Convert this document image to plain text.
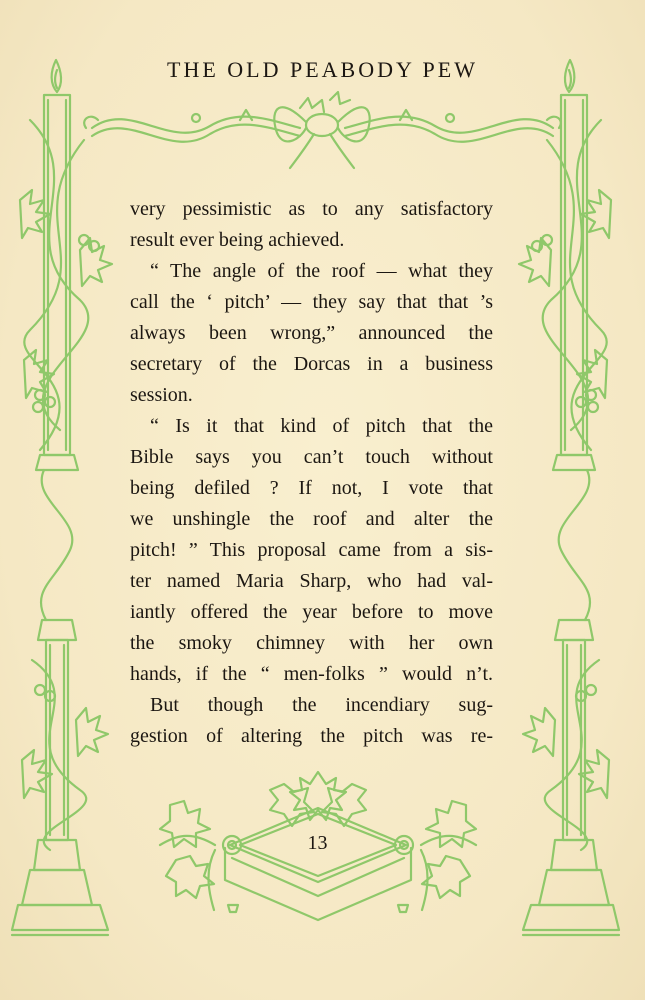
THE OLD PEABODY PEW
very pessimistic as to any satisfactory
result ever being achieved.
“ The angle of the roof — what they
call the ‘ pitch’ — they say that that ’s
always been wrong,” announced the
secretary of the Dorcas in a business
session.
“ Is it that kind of pitch that the
Bible says you can’t touch without
being defiled ? If not, I vote that
we unshingle the roof and alter the
pitch! ” This proposal came from a sis-
ter named Maria Sharp, who had val-
iantly offered the year before to move
the smoky chimney with her own
hands, if the “ men-folks ” would n’t.
But though the incendiary sug-
gestion of altering the pitch was re-
13
